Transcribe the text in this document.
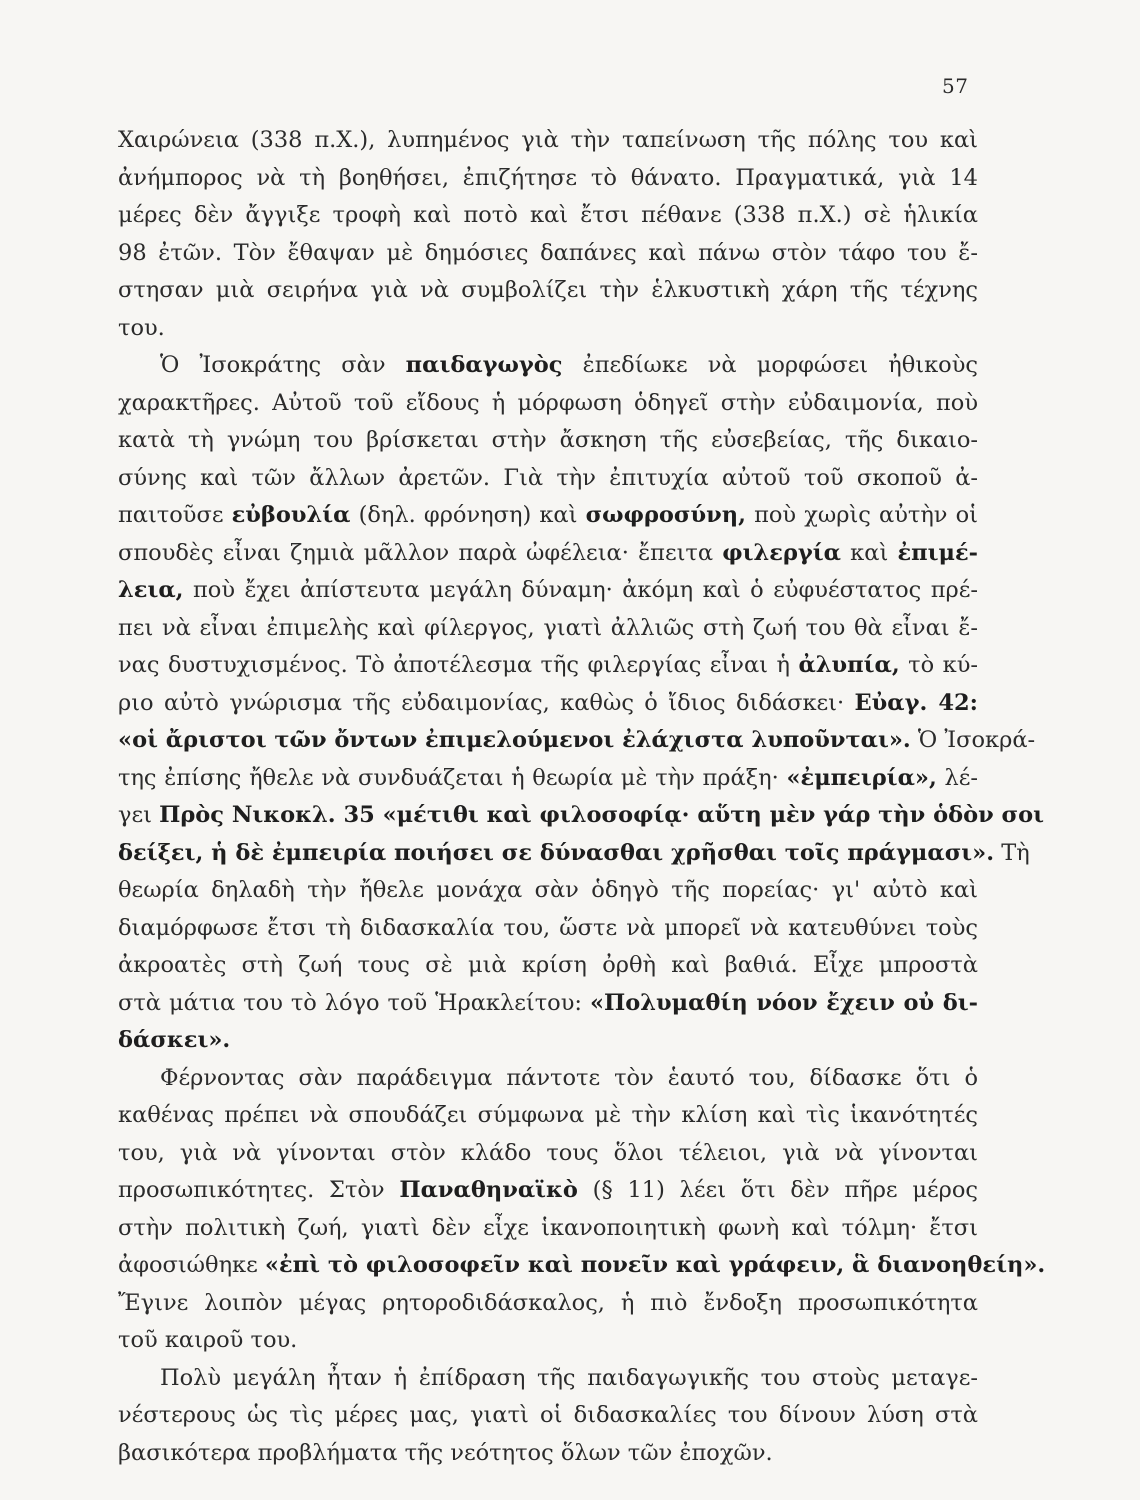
57
Χαιρώνεια (338 π.Χ.), λυπημένος γιὰ τὴν ταπείνωση τῆς πόλης του καὶ
ἀνήμπορος νὰ τὴ βοηθήσει, ἐπιζήτησε τὸ θάνατο. Πραγματικά, γιὰ 14
μέρες δὲν ἄγγιξε τροφὴ καὶ ποτὸ καὶ ἔτσι πέθανε (338 π.Χ.) σὲ ἡλικία
98 ἐτῶν. Τὸν ἔθαψαν μὲ δημόσιες δαπάνες καὶ πάνω στὸν τάφο του ἔ-
στησαν μιὰ σειρήνα γιὰ νὰ συμβολίζει τὴν ἑλκυστικὴ χάρη τῆς τέχνης
του.
Ὁ Ἰσοκράτης σὰν παιδαγωγὸς ἐπεδίωκε νὰ μορφώσει ἠθικοὺς
χαρακτῆρες. Αὐτοῦ τοῦ εἴδους ἡ μόρφωση ὁδηγεῖ στὴν εὐδαιμονία, ποὺ
κατὰ τὴ γνώμη του βρίσκεται στὴν ἄσκηση τῆς εὐσεβείας, τῆς δικαιο-
σύνης καὶ τῶν ἄλλων ἀρετῶν. Γιὰ τὴν ἐπιτυχία αὐτοῦ τοῦ σκοποῦ ἀ-
παιτοῦσε εὐβουλία (δηλ. φρόνηση) καὶ σωφροσύνη, ποὺ χωρὶς αὐτὴν οἱ
σπουδὲς εἶναι ζημιὰ μᾶλλον παρὰ ὠφέλεια· ἔπειτα φιλεργία καὶ ἐπιμέ-
λεια, ποὺ ἔχει ἀπίστευτα μεγάλη δύναμη· ἀκόμη καὶ ὁ εὐφυέστατος πρέ-
πει νὰ εἶναι ἐπιμελὴς καὶ φίλεργος, γιατὶ ἀλλιῶς στὴ ζωή του θὰ εἶναι ἔ-
νας δυστυχισμένος. Τὸ ἀποτέλεσμα τῆς φιλεργίας εἶναι ἡ ἀλυπία, τὸ κύ-
ριο αὐτὸ γνώρισμα τῆς εὐδαιμονίας, καθὼς ὁ ἴδιος διδάσκει· Εὐαγ. 42:
«οἱ ἄριστοι τῶν ὄντων ἐπιμελούμενοι ἐλάχιστα λυποῦνται». Ὁ Ἰσοκρά-
της ἐπίσης ἤθελε νὰ συνδυάζεται ἡ θεωρία μὲ τὴν πράξη· «ἐμπειρία», λέ-
γει Πρὸς Νικοκλ. 35 «μέτιθι καὶ φιλοσοφίᾳ· αὕτη μὲν γάρ τὴν ὁδὸν σοι
δείξει, ἡ δὲ ἐμπειρία ποιήσει σε δύνασθαι χρῆσθαι τοῖς πράγμασι». Τὴ
θεωρία δηλαδὴ τὴν ἤθελε μονάχα σὰν ὁδηγὸ τῆς πορείας· γι' αὐτὸ καὶ
διαμόρφωσε ἔτσι τὴ διδασκαλία του, ὥστε νὰ μπορεῖ νὰ κατευθύνει τοὺς
ἀκροατὲς στὴ ζωή τους σὲ μιὰ κρίση ὀρθὴ καὶ βαθιά. Εἶχε μπροστὰ
στὰ μάτια του τὸ λόγο τοῦ Ἡρακλείτου: «Πολυμαθίη νόον ἔχειν οὐ δι-
δάσκει».
Φέρνοντας σὰν παράδειγμα πάντοτε τὸν ἑαυτό του, δίδασκε ὅτι ὁ
καθένας πρέπει νὰ σπουδάζει σύμφωνα μὲ τὴν κλίση καὶ τὶς ἱκανότητές
του, γιὰ νὰ γίνονται στὸν κλάδο τους ὅλοι τέλειοι, γιὰ νὰ γίνονται
προσωπικότητες. Στὸν Παναθηναϊκὸ (§ 11) λέει ὅτι δὲν πῆρε μέρος
στὴν πολιτικὴ ζωή, γιατὶ δὲν εἶχε ἱκανοποιητικὴ φωνὴ καὶ τόλμη· ἔτσι
ἀφοσιώθηκε «ἐπὶ τὸ φιλοσοφεῖν καὶ πονεῖν καὶ γράφειν, ἃ διανοηθείη».
Ἔγινε λοιπὸν μέγας ρητοροδιδάσκαλος, ἡ πιὸ ἔνδοξη προσωπικότητα
τοῦ καιροῦ του.
Πολὺ μεγάλη ἦταν ἡ ἐπίδραση τῆς παιδαγωγικῆς του στοὺς μεταγε-
νέστερους ὡς τὶς μέρες μας, γιατὶ οἱ διδασκαλίες του δίνουν λύση στὰ
βασικότερα προβλήματα τῆς νεότητος ὅλων τῶν ἐποχῶν.
